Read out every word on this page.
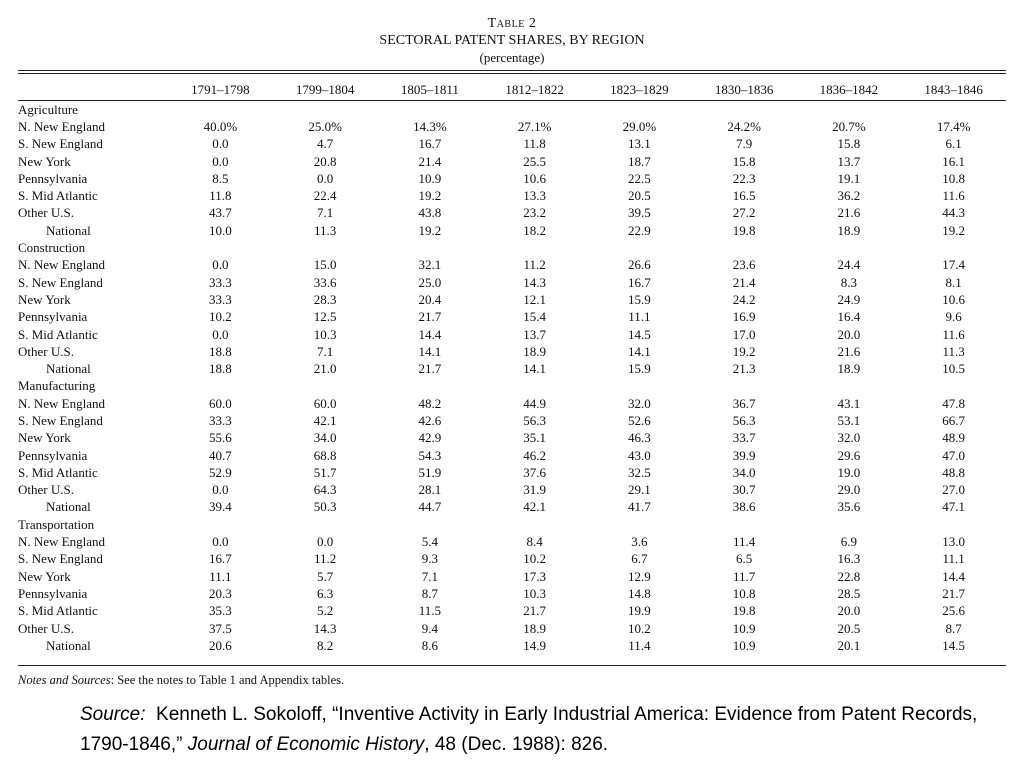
Table 2
SECTORAL PATENT SHARES, BY REGION
(percentage)
	1791–1798	1799–1804	1805–1811	1812–1822	1823–1829	1830–1836	1836–1842	1843–1846
Agriculture								
N. New England	40.0%	25.0%	14.3%	27.1%	29.0%	24.2%	20.7%	17.4%
S. New England	0.0	4.7	16.7	11.8	13.1	7.9	15.8	6.1
New York	0.0	20.8	21.4	25.5	18.7	15.8	13.7	16.1
Pennsylvania	8.5	0.0	10.9	10.6	22.5	22.3	19.1	10.8
S. Mid Atlantic	11.8	22.4	19.2	13.3	20.5	16.5	36.2	11.6
Other U.S.	43.7	7.1	43.8	23.2	39.5	27.2	21.6	44.3
National	10.0	11.3	19.2	18.2	22.9	19.8	18.9	19.2
Construction								
N. New England	0.0	15.0	32.1	11.2	26.6	23.6	24.4	17.4
S. New England	33.3	33.6	25.0	14.3	16.7	21.4	8.3	8.1
New York	33.3	28.3	20.4	12.1	15.9	24.2	24.9	10.6
Pennsylvania	10.2	12.5	21.7	15.4	11.1	16.9	16.4	9.6
S. Mid Atlantic	0.0	10.3	14.4	13.7	14.5	17.0	20.0	11.6
Other U.S.	18.8	7.1	14.1	18.9	14.1	19.2	21.6	11.3
National	18.8	21.0	21.7	14.1	15.9	21.3	18.9	10.5
Manufacturing								
N. New England	60.0	60.0	48.2	44.9	32.0	36.7	43.1	47.8
S. New England	33.3	42.1	42.6	56.3	52.6	56.3	53.1	66.7
New York	55.6	34.0	42.9	35.1	46.3	33.7	32.0	48.9
Pennsylvania	40.7	68.8	54.3	46.2	43.0	39.9	29.6	47.0
S. Mid Atlantic	52.9	51.7	51.9	37.6	32.5	34.0	19.0	48.8
Other U.S.	0.0	64.3	28.1	31.9	29.1	30.7	29.0	27.0
National	39.4	50.3	44.7	42.1	41.7	38.6	35.6	47.1
Transportation								
N. New England	0.0	0.0	5.4	8.4	3.6	11.4	6.9	13.0
S. New England	16.7	11.2	9.3	10.2	6.7	6.5	16.3	11.1
New York	11.1	5.7	7.1	17.3	12.9	11.7	22.8	14.4
Pennsylvania	20.3	6.3	8.7	10.3	14.8	10.8	28.5	21.7
S. Mid Atlantic	35.3	5.2	11.5	21.7	19.9	19.8	20.0	25.6
Other U.S.	37.5	14.3	9.4	18.9	10.2	10.9	20.5	8.7
National	20.6	8.2	8.6	14.9	11.4	10.9	20.1	14.5
Notes and Sources: See the notes to Table 1 and Appendix tables.
Source: Kenneth L. Sokoloff, “Inventive Activity in Early Industrial America: Evidence from Patent Records, 1790-1846,” Journal of Economic History, 48 (Dec. 1988): 826.
